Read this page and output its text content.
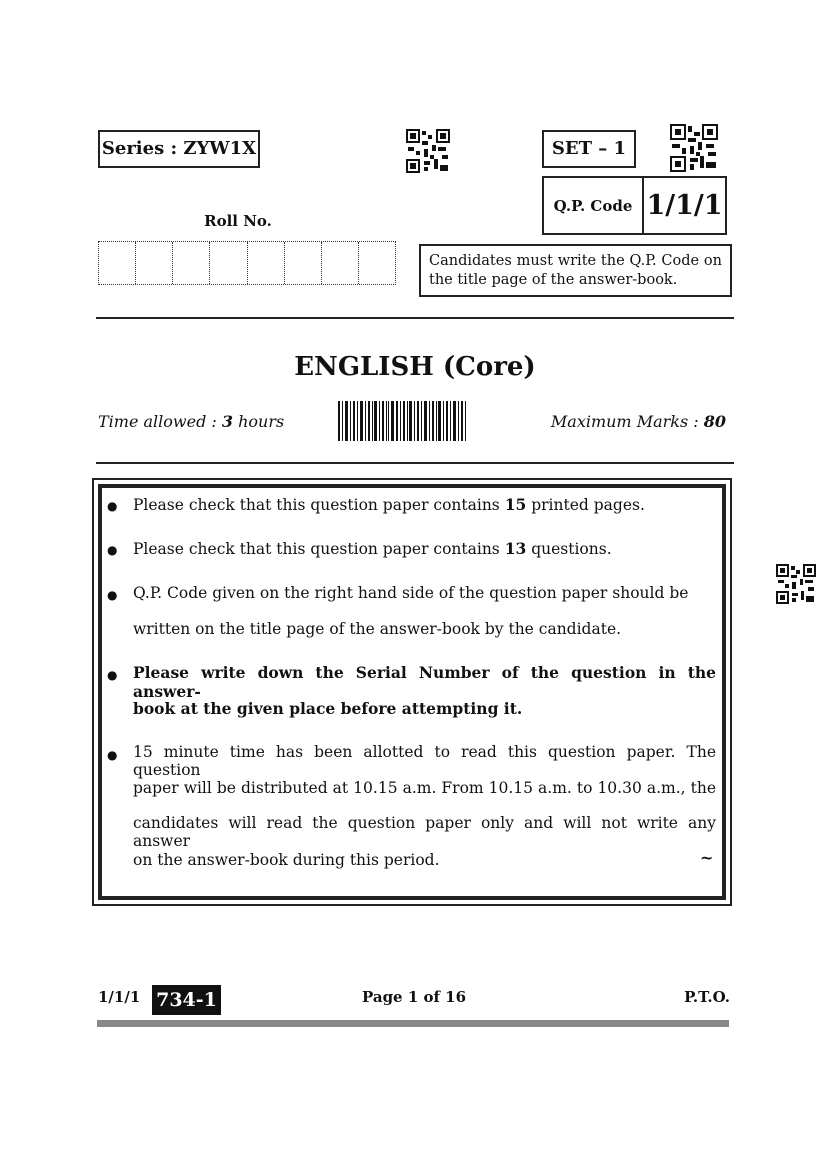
Series : ZYW1X	SET – 1
Q.P. Code 1/1/1
Roll No.
Candidates must write the Q.P. Code on the title page of the answer-book.
ENGLISH (Core)
Time allowed : 3 hours	Maximum Marks : 80
● Please check that this question paper contains 15 printed pages.
● Please check that this question paper contains 13 questions.
● Q.P. Code given on the right hand side of the question paper should be
written on the title page of the answer-book by the candidate.
● Please write down the Serial Number of the question in the answer-
book at the given place before attempting it.
● 15 minute time has been allotted to read this question paper. The question
paper will be distributed at 10.15 a.m. From 10.15 a.m. to 10.30 a.m., the
candidates will read the question paper only and will not write any answer
on the answer-book during this period.	~
1/1/1 734-1	Page 1 of 16	P.T.O.
